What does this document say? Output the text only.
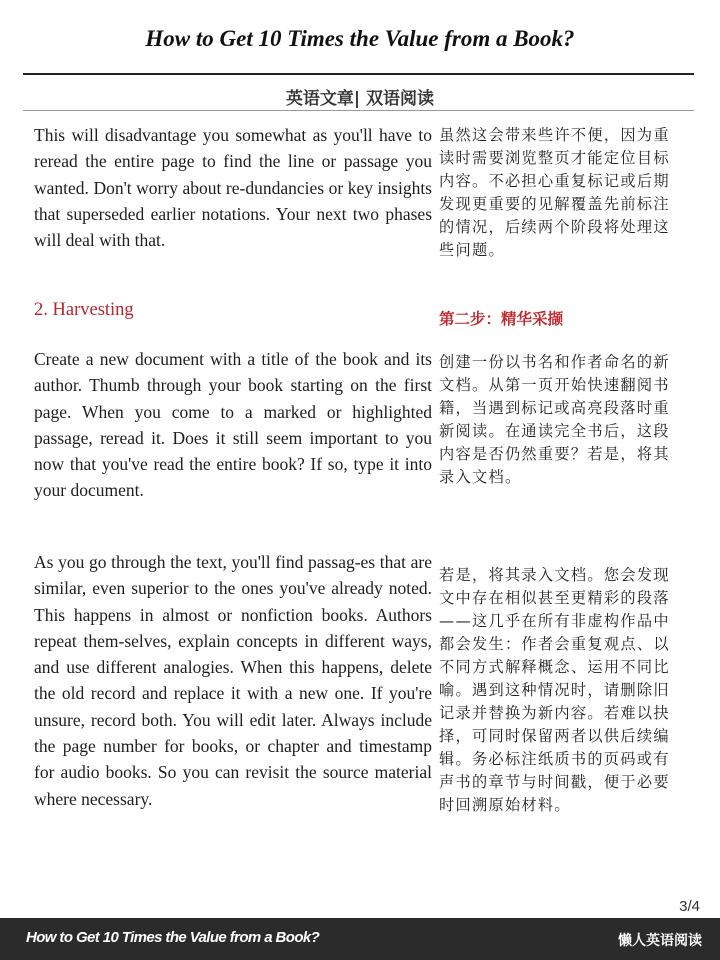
How to Get 10 Times the Value from a Book?
英语文章| 双语阅读
This will disadvantage you somewhat as you'll have to reread the entire page to find the line or passage you wanted. Don't worry about re-dundancies or key insights that superseded earlier notations. Your next two phases will deal with that.
虽然这会带来些许不便，因为重读时需要浏览整页才能定位目标内容。不必担心重复标记或后期发现更重要的见解覆盖先前标注的情况，后续两个阶段将处理这些问题。
2. Harvesting	第二步：精华采撷
Create a new document with a title of the book and its author. Thumb through your book starting on the first page. When you come to a marked or highlighted passage, reread it. Does it still seem important to you now that you've read the entire book? If so, type it into your document.
创建一份以书名和作者命名的新文档。从第一页开始快速翻阅书籍，当遇到标记或高亮段落时重新阅读。在通读完全书后，这段内容是否仍然重要？若是，将其录入文档。
As you go through the text, you'll find passag-es that are similar, even superior to the ones you've already noted. This happens in almost or nonfiction books. Authors repeat them-selves, explain concepts in different ways, and use different analogies. When this happens, delete the old record and replace it with a new one. If you're unsure, record both. You will edit later. Always include the page number for books, or chapter and timestamp for audio books. So you can revisit the source material where necessary.
若是，将其录入文档。您会发现文中存在相似甚至更精彩的段落——这几乎在所有非虚构作品中都会发生：作者会重复观点、以不同方式解释概念、运用不同比喻。遇到这种情况时，请删除旧记录并替换为新内容。若难以抉择，可同时保留两者以供后续编辑。务必标注纸质书的页码或有声书的章节与时间戳，便于必要时回溯原始材料。
3/4
How to Get 10 Times the Value from a Book?	懒人英语阅读
